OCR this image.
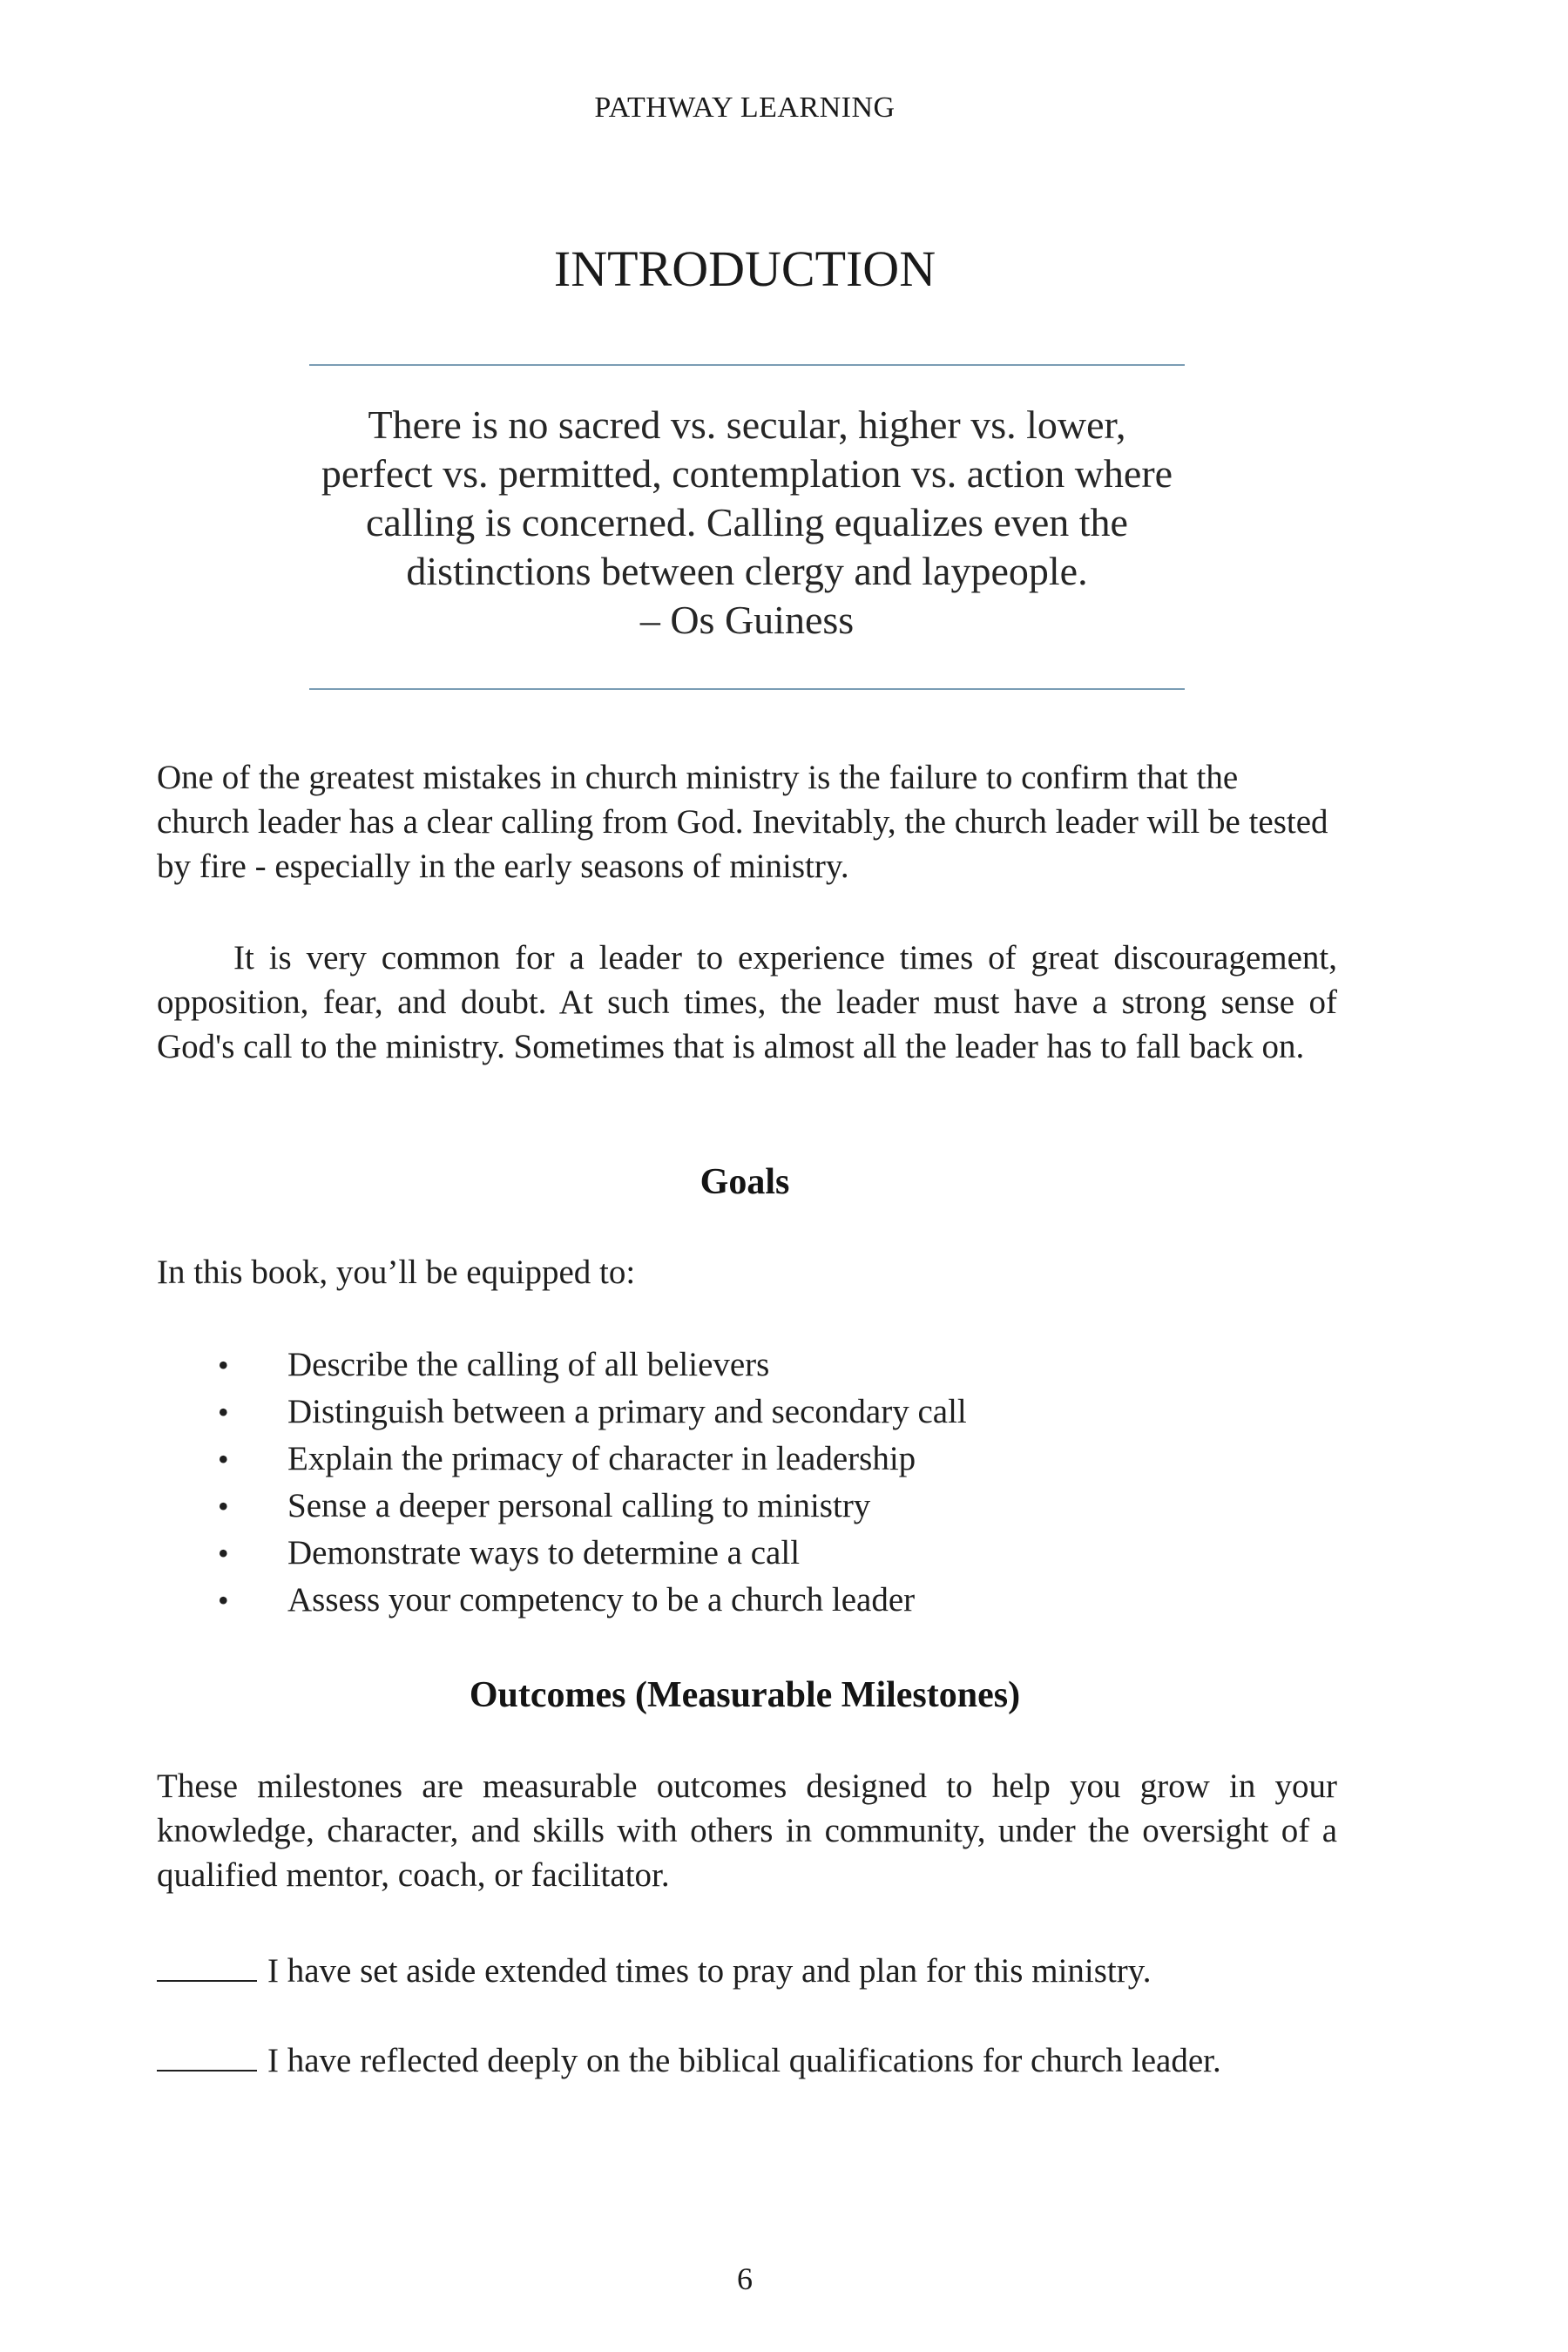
PATHWAY LEARNING
INTRODUCTION
There is no sacred vs. secular, higher vs. lower, perfect vs. permitted, contemplation vs. action where calling is concerned. Calling equalizes even the distinctions between clergy and laypeople.
– Os Guiness
One of the greatest mistakes in church ministry is the failure to confirm that the church leader has a clear calling from God. Inevitably, the church leader will be tested by fire - especially in the early seasons of ministry.
It is very common for a leader to experience times of great discouragement, opposition, fear, and doubt. At such times, the leader must have a strong sense of God's call to the ministry. Sometimes that is almost all the leader has to fall back on.
Goals
In this book, you’ll be equipped to:
• Describe the calling of all believers
• Distinguish between a primary and secondary call
• Explain the primacy of character in leadership
• Sense a deeper personal calling to ministry
• Demonstrate ways to determine a call
• Assess your competency to be a church leader
Outcomes (Measurable Milestones)
These milestones are measurable outcomes designed to help you grow in your knowledge, character, and skills with others in community, under the oversight of a qualified mentor, coach, or facilitator.
I have set aside extended times to pray and plan for this ministry.
I have reflected deeply on the biblical qualifications for church leader.
6
